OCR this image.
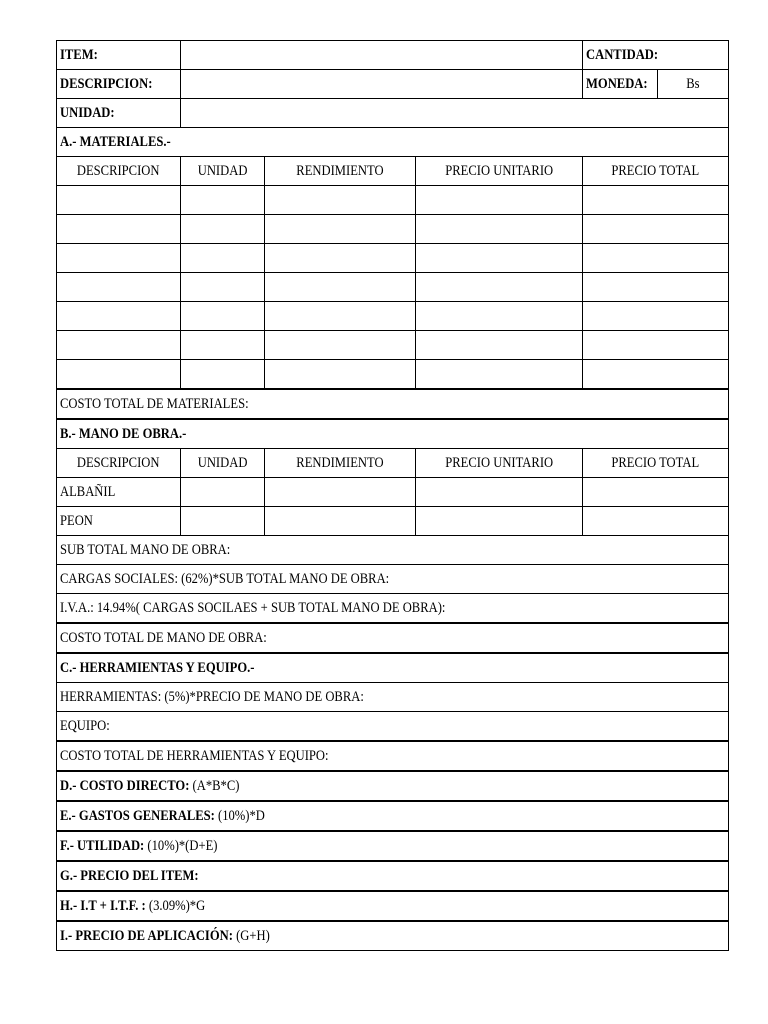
ITEM:				CANTIDAD:	
DESCRIPCION:				MONEDA:	Bs
UNIDAD:					
A.- MATERIALES.-					
DESCRIPCION	UNIDAD	RENDIMIENTO	PRECIO UNITARIO	PRECIO TOTAL	

COSTO TOTAL DE MATERIALES:					
B.- MANO DE OBRA.-					
DESCRIPCION	UNIDAD	RENDIMIENTO	PRECIO UNITARIO	PRECIO TOTAL	
ALBAÑIL					
PEON					
SUB TOTAL MANO DE OBRA:					
CARGAS SOCIALES: (62%)*SUB TOTAL MANO DE OBRA:					
I.V.A.: 14.94%( CARGAS SOCILAES + SUB TOTAL MANO DE OBRA):					
COSTO TOTAL DE MANO DE OBRA:					
C.- HERRAMIENTAS Y EQUIPO.-					
HERRAMIENTAS: (5%)*PRECIO DE MANO DE OBRA:					
EQUIPO:					
COSTO TOTAL DE HERRAMIENTAS Y EQUIPO:					
D.- COSTO DIRECTO: (A*B*C)					
E.- GASTOS GENERALES: (10%)*D					
F.- UTILIDAD: (10%)*(D+E)					
G.- PRECIO DEL ITEM:					
H.- I.T + I.T.F. : (3.09%)*G					
I.- PRECIO DE APLICACIÓN: (G+H)					
